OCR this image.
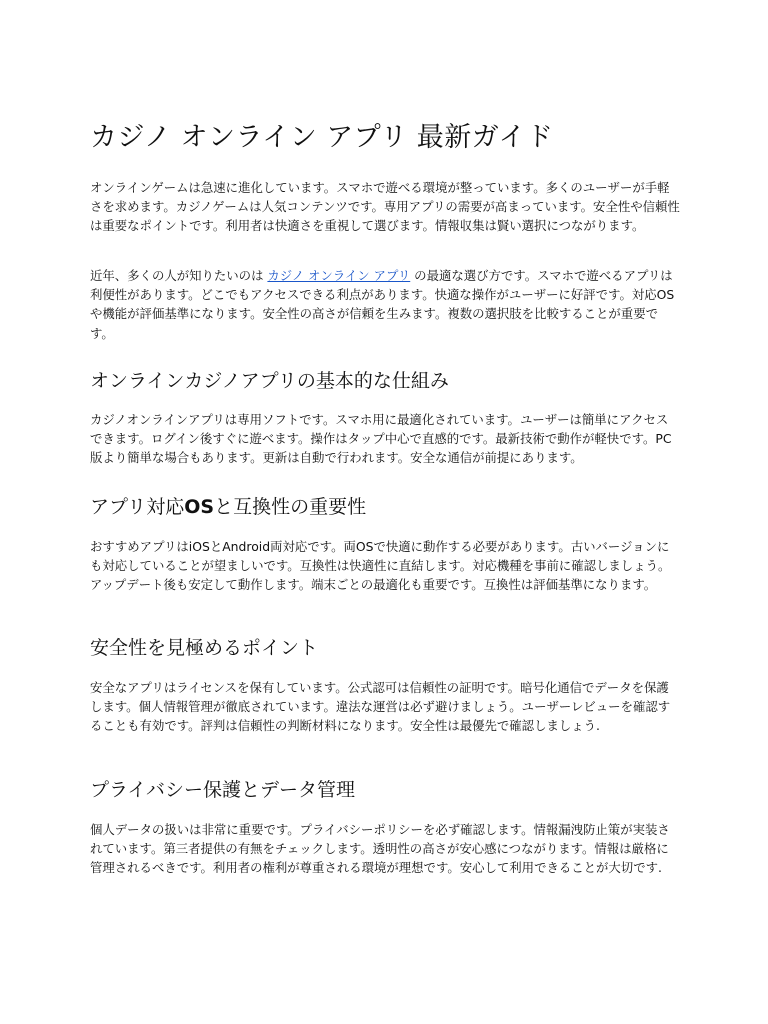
カジノ オンライン アプリ 最新ガイド

オンラインゲームは急速に進化しています。スマホで遊べる環境が整っています。多くのユーザーが手軽さを求めます。カジノゲームは人気コンテンツです。専用アプリの需要が高まっています。安全性や信頼性は重要なポイントです。利用者は快適さを重視して選びます。情報収集は賢い選択につながります。

近年、多くの人が知りたいのは カジノ オンライン アプリ の最適な選び方です。スマホで遊べるアプリは利便性があります。どこでもアクセスできる利点があります。快適な操作がユーザーに好評です。対応OSや機能が評価基準になります。安全性の高さが信頼を生みます。複数の選択肢を比較することが重要です。

オンラインカジノアプリの基本的な仕組み

カジノオンラインアプリは専用ソフトです。スマホ用に最適化されています。ユーザーは簡単にアクセスできます。ログイン後すぐに遊べます。操作はタップ中心で直感的です。最新技術で動作が軽快です。PC版より簡単な場合もあります。更新は自動で行われます。安全な通信が前提にあります。

アプリ対応OSと互換性の重要性

おすすめアプリはiOSとAndroid両対応です。両OSで快適に動作する必要があります。古いバージョンにも対応していることが望ましいです。互換性は快適性に直結します。対応機種を事前に確認しましょう。アップデート後も安定して動作します。端末ごとの最適化も重要です。互換性は評価基準になります。

安全性を見極めるポイント

安全なアプリはライセンスを保有しています。公式認可は信頼性の証明です。暗号化通信でデータを保護します。個人情報管理が徹底されています。違法な運営は必ず避けましょう。ユーザーレビューを確認することも有効です。評判は信頼性の判断材料になります。安全性は最優先で確認しましょう.

プライバシー保護とデータ管理

個人データの扱いは非常に重要です。プライバシーポリシーを必ず確認します。情報漏洩防止策が実装されています。第三者提供の有無をチェックします。透明性の高さが安心感につながります。情報は厳格に管理されるべきです。利用者の権利が尊重される環境が理想です。安心して利用できることが大切です.
